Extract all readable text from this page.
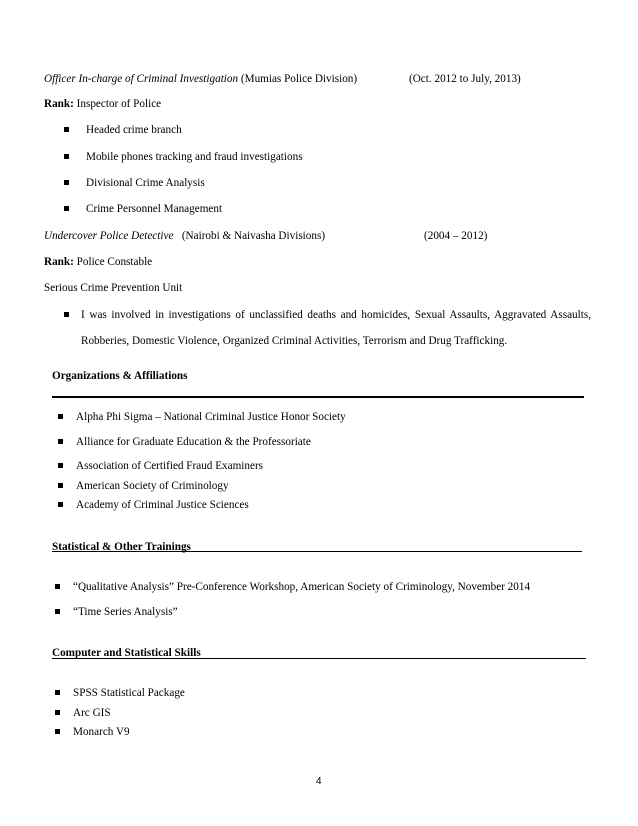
Officer In-charge of Criminal Investigation (Mumias Police Division)	(Oct. 2012 to July, 2013)
Rank: Inspector of Police
Headed crime branch
Mobile phones tracking and fraud investigations
Divisional Crime Analysis
Crime Personnel Management
Undercover Police Detective (Nairobi & Naivasha Divisions)	(2004 – 2012)
Rank: Police Constable
Serious Crime Prevention Unit
I was involved in investigations of unclassified deaths and homicides, Sexual Assaults, Aggravated Assaults,
Robberies, Domestic Violence, Organized Criminal Activities, Terrorism and Drug Trafficking.
Organizations & Affiliations
Alpha Phi Sigma – National Criminal Justice Honor Society
Alliance for Graduate Education & the Professoriate
Association of Certified Fraud Examiners
American Society of Criminology
Academy of Criminal Justice Sciences
Statistical & Other Trainings
“Qualitative Analysis” Pre-Conference Workshop, American Society of Criminology, November 2014
“Time Series Analysis”
Computer and Statistical Skills
SPSS Statistical Package
Arc GIS
Monarch V9
4
